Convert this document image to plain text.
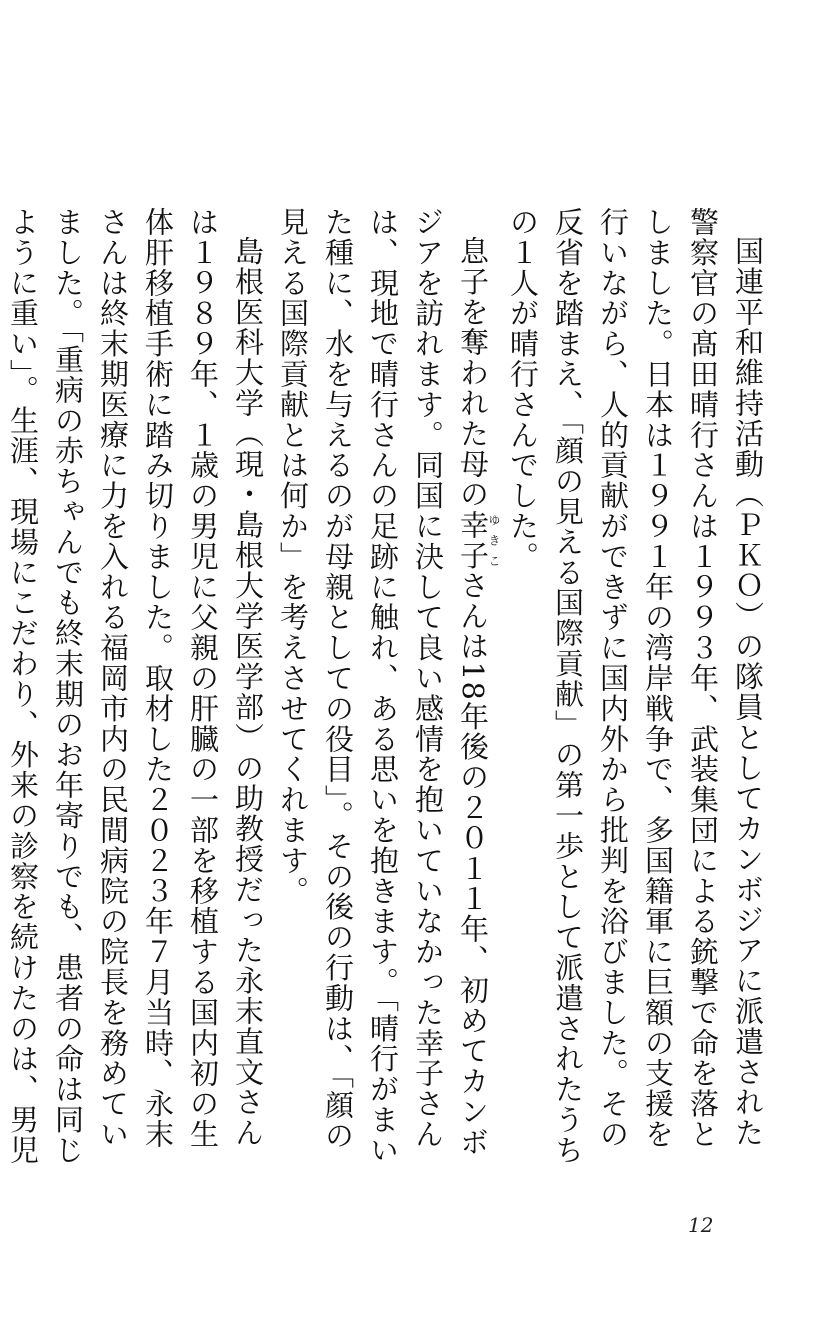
国連平和維持活動（ＰＫＯ）の隊員としてカンボジアに派遣された警察官の髙田晴行さんは１９９３年、武装集団による銃撃で命を落としました。日本は１９９１年の湾岸戦争で、多国籍軍に巨額の支援を行いながら、人的貢献ができずに国内外から批判を浴びました。その反省を踏まえ、「顔の見える国際貢献」の第一歩として派遣されたうちの１人が晴行さんでした。

息子を奪われた母の幸子ゆきこさんは18年後の２０１１年、初めてカンボジアを訪れます。同国に決して良い感情を抱いていなかった幸子さんは、現地で晴行さんの足跡に触れ、ある思いを抱きます。「晴行がまいた種に、水を与えるのが母親としての役目」。その後の行動は、「顔の見える国際貢献とは何か」を考えさせてくれます。

島根医科大学（現・島根大学医学部）の助教授だった永末直文さんは１９８９年、１歳の男児に父親の肝臓の一部を移植する国内初の生体肝移植手術に踏み切りました。取材した２０２３年７月当時、永末さんは終末期医療に力を入れる福岡市内の民間病院の院長を務めていました。「重病の赤ちゃんでも終末期のお年寄りでも、患者の命は同じように重い」。生涯、現場にこだわり、外来の診察を続けたのは、男児

12
